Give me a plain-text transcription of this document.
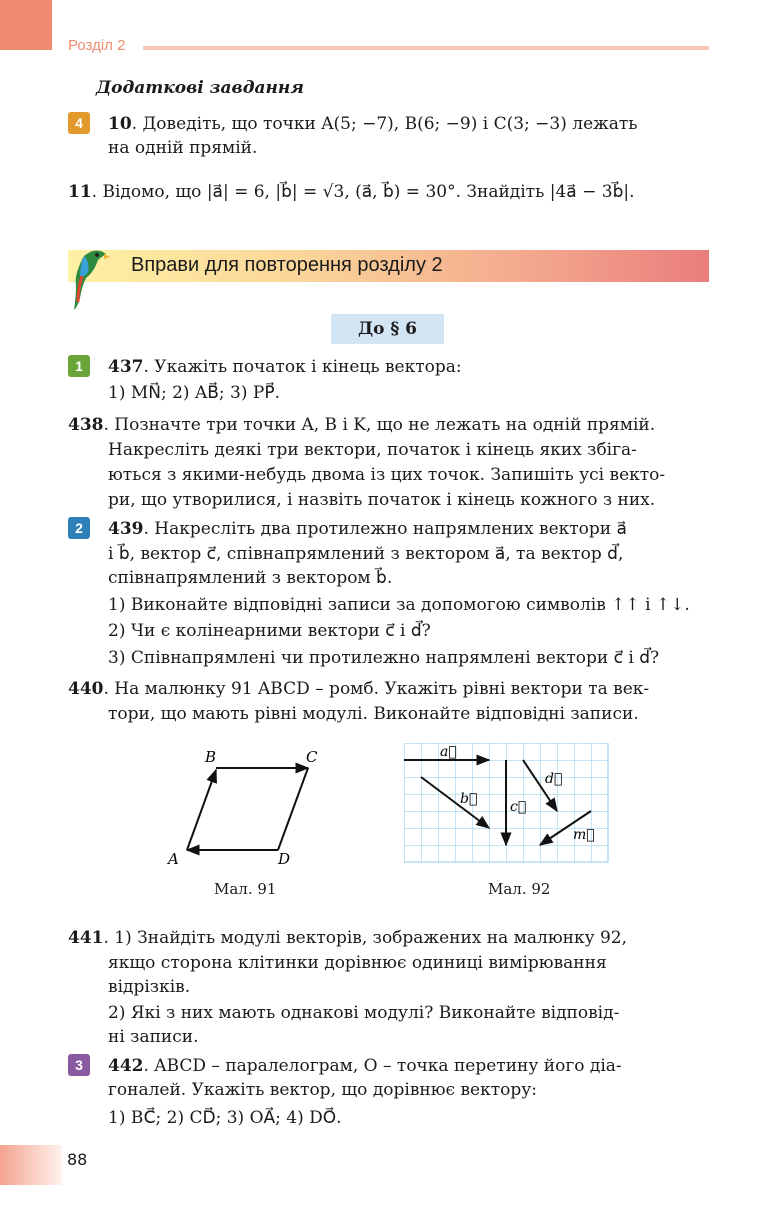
Розділ 2
Додаткові завдання
4 10. Доведіть, що точки A(5; −7), B(6; −9) і C(3; −3) лежать
на одній прямій.
11. Відомо, що |a⃗| = 6, |b⃗| = √3, (a⃗, b⃗) = 30°. Знайдіть |4a⃗ − 3b⃗|.
Вправи для повторення розділу 2
До § 6
1 437. Укажіть початок і кінець вектора:
1) MN⃗; 2) AB⃗; 3) PP⃗.
438. Позначте три точки A, B і K, що не лежать на одній прямій.
Накресліть деякі три вектори, початок і кінець яких збіга-
ються з якими-небудь двома із цих точок. Запишіть усі векто-
ри, що утворилися, і назвіть початок і кінець кожного з них.
2 439. Накресліть два протилежно напрямлених вектори a⃗
і b⃗, вектор c⃗, співнапрямлений з вектором a⃗, та вектор d⃗,
співнапрямлений з вектором b⃗.
1) Виконайте відповідні записи за допомогою символів ↑↑ і ↑↓.
2) Чи є колінеарними вектори c⃗ і d⃗?
3) Співнапрямлені чи протилежно напрямлені вектори c⃗ і d⃗?
440. На малюнку 91 ABCD – ромб. Укажіть рівні вектори та век-
тори, що мають рівні модулі. Виконайте відповідні записи.
B	C
A	D
Мал. 91
a⃗
b⃗ c⃗
d⃗
m⃗
Мал. 92
441. 1) Знайдіть модулі векторів, зображених на малюнку 92,
якщо сторона клітинки дорівнює одиниці вимірювання
відрізків.
2) Які з них мають однакові модулі? Виконайте відповід-
ні записи.
3 442. ABCD – паралелограм, O – точка перетину його діа-
гоналей. Укажіть вектор, що дорівнює вектору:
1) BC⃗; 2) CD⃗; 3) OA⃗; 4) DO⃗.
88
